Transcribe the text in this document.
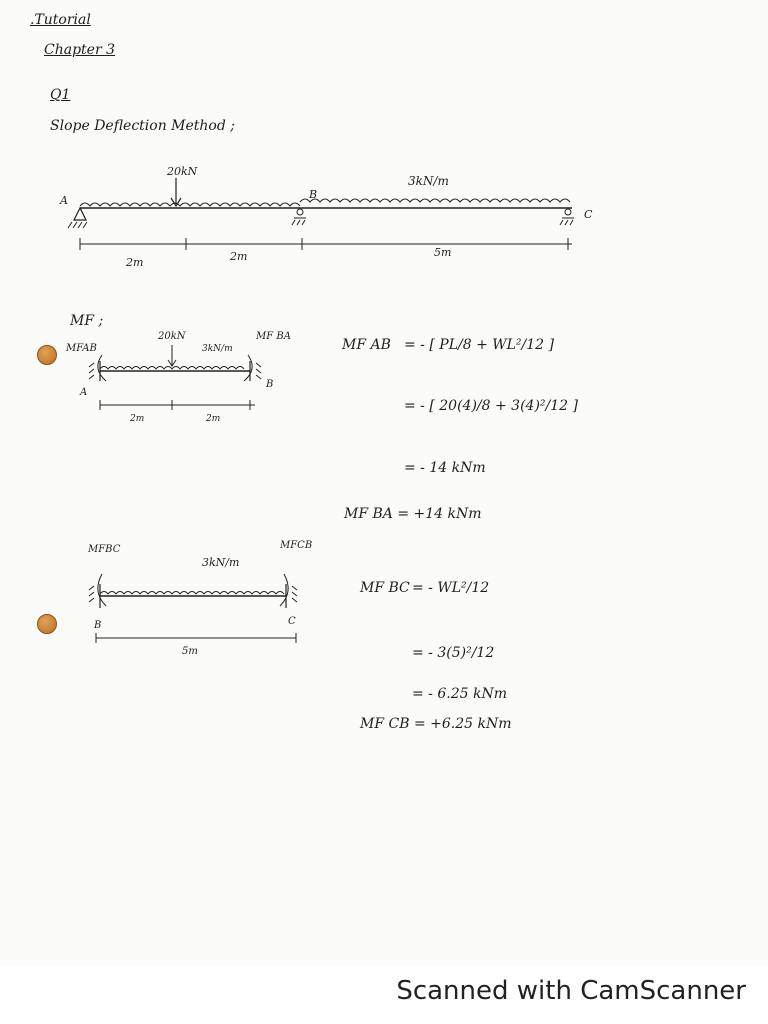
.Tutorial
Chapter 3
Q1
Slope Deflection Method ;
20kN
3kN/m
A	B
C
2m	2m	5m
MF ;
MFAB
MF BA
20kN
3kN/m
A
B
2m	2m
MF AB = - [ PL/8 + WL²/12 ]
= - [ 20(4)/8 + 3(4)²/12 ]
= - 14 kNm
MF BA = +14 kNm
MFBC	MFCB
3kN/m
B	C
5m
MF BC = - WL²/12
= - 3(5)²/12
= - 6.25 kNm
MF CB = +6.25 kNm
Scanned with CamScanner
